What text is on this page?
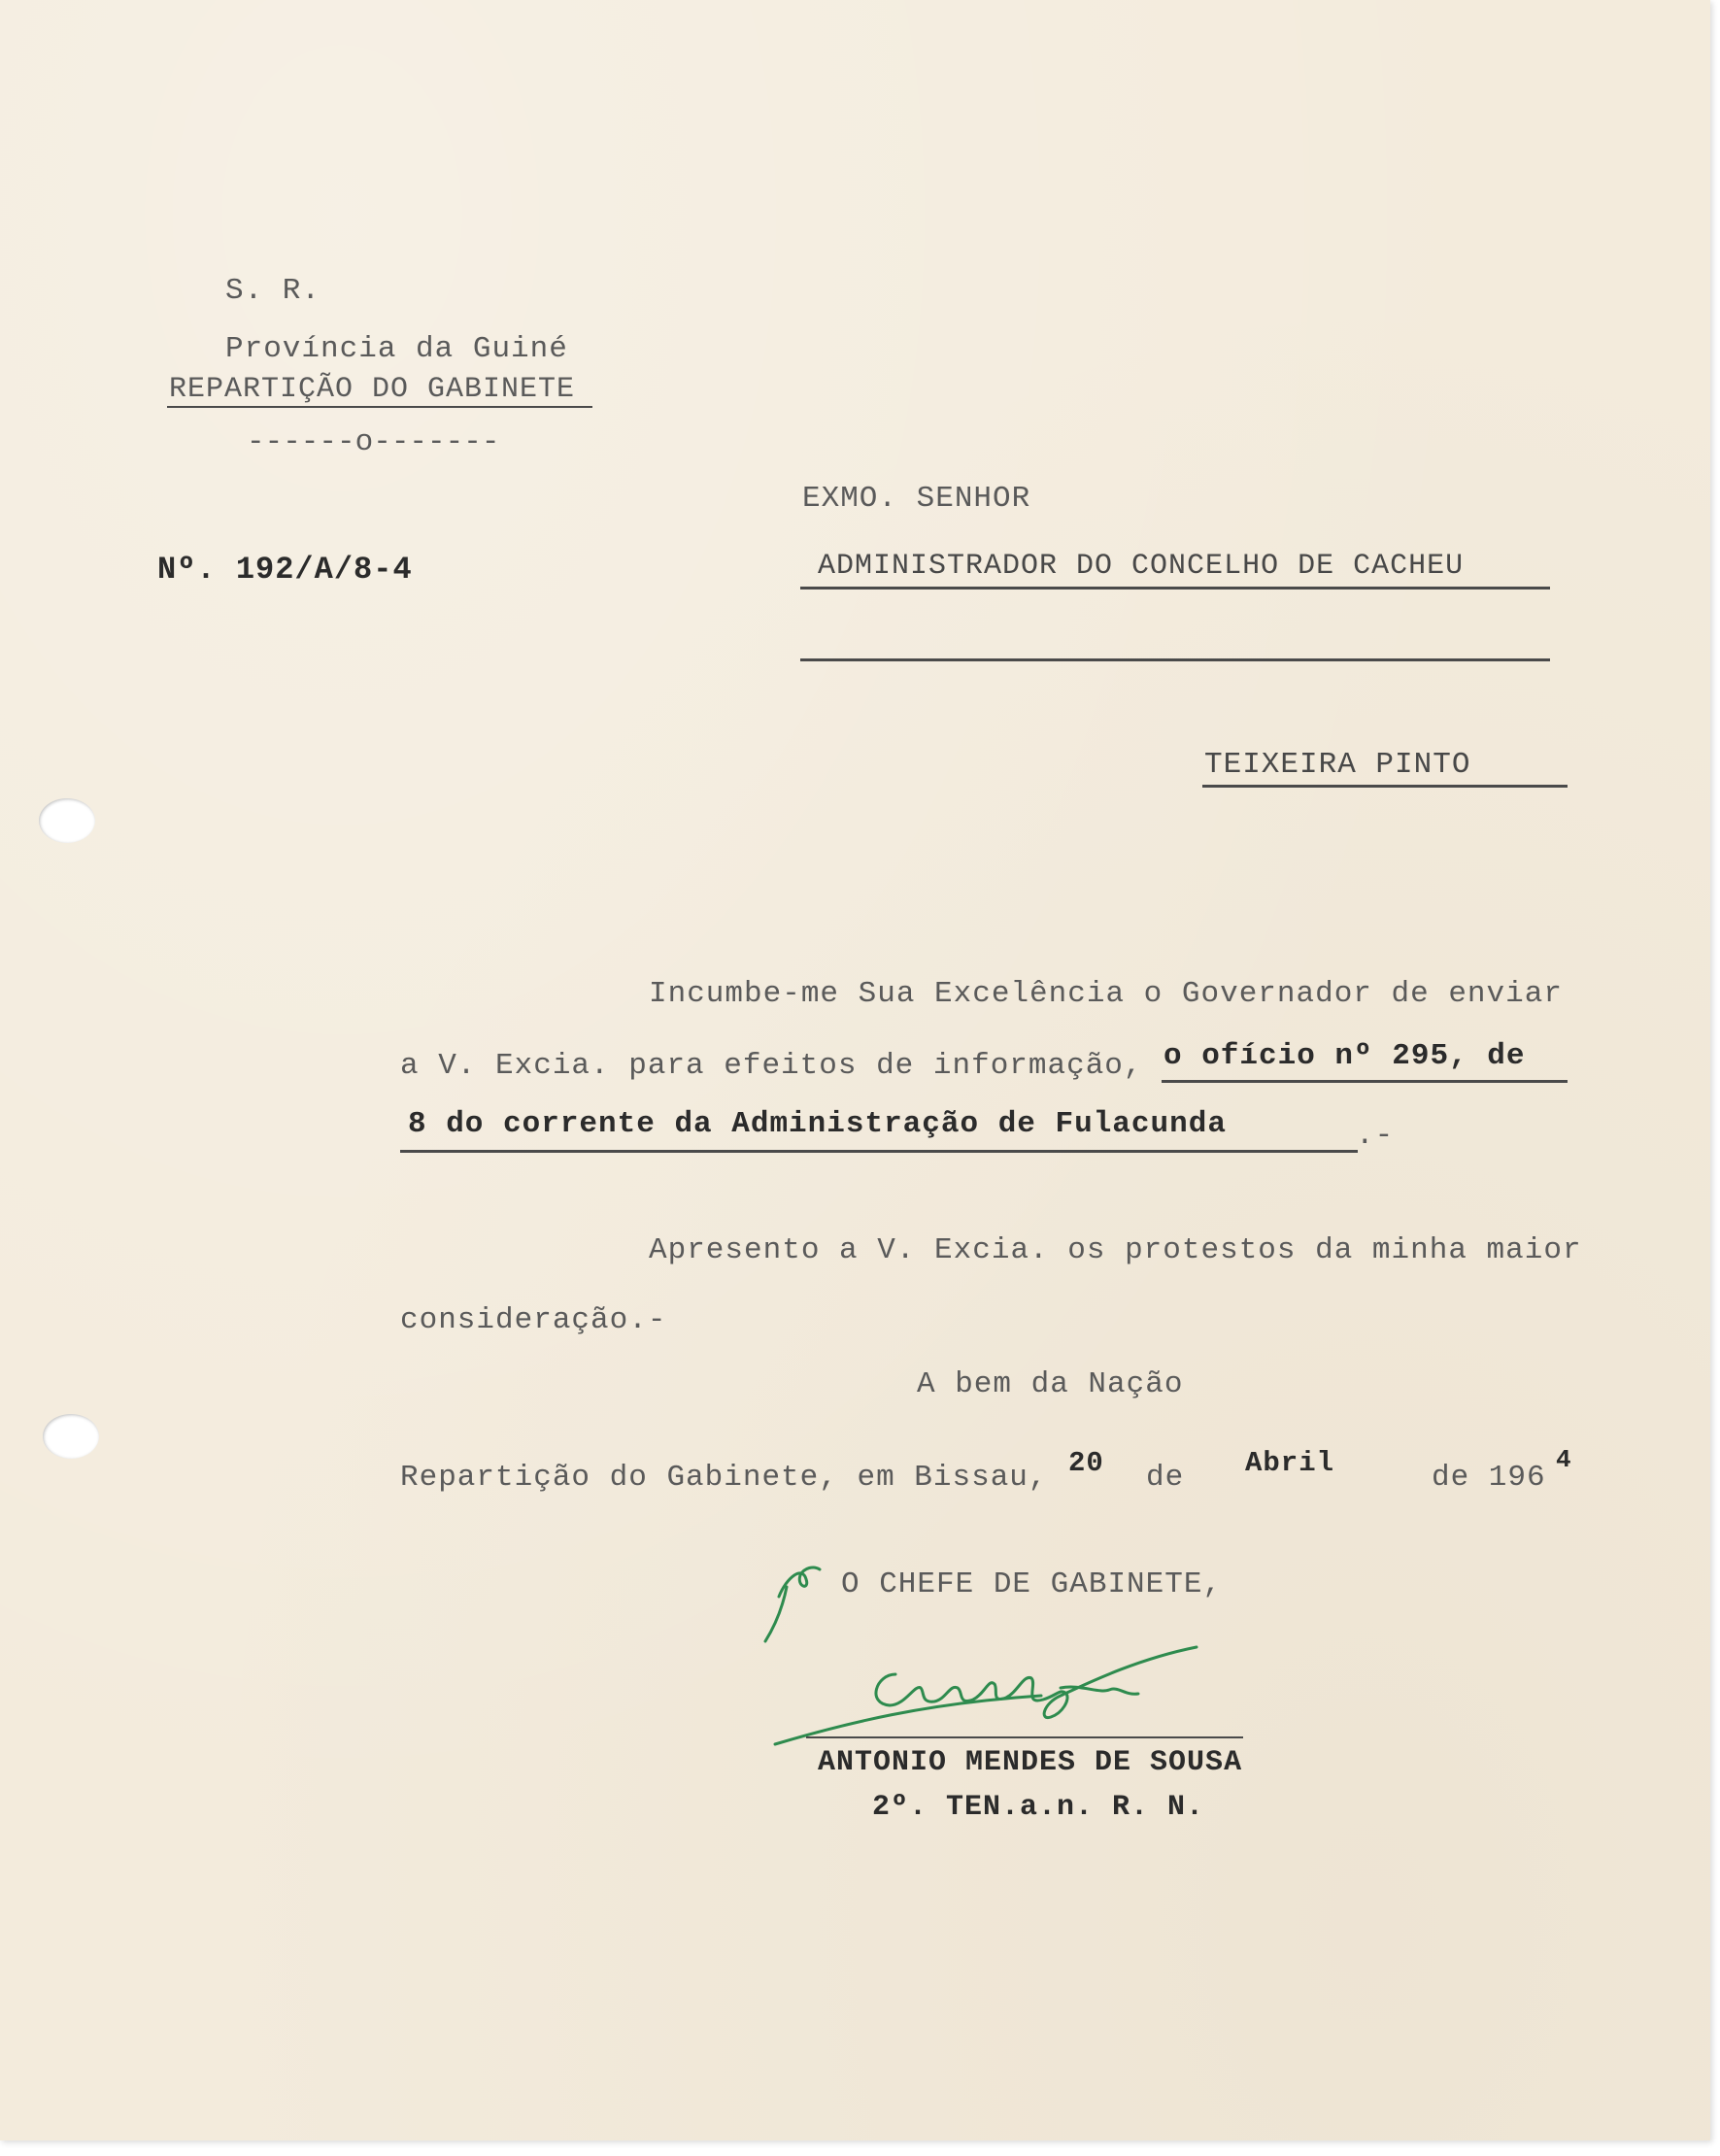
S. R.
Província da Guiné
REPARTIÇÃO DO GABINETE
------o-------
Nº. 192/A/8-4
EXMO. SENHOR
ADMINISTRADOR DO CONCELHO DE CACHEU
TEIXEIRA PINTO
Incumbe-me Sua Excelência o Governador de enviar
a V. Excia. para efeitos de informação, o ofício nº 295, de
8 do corrente da Administração de Fulacunda	.-
Apresento a V. Excia. os protestos da minha maior
consideração.-
A bem da Nação
Repartição do Gabinete, em Bissau, 20 de Abril	de 196
4
O CHEFE DE GABINETE,
ANTONIO MENDES DE SOUSA
2º. TEN.a.n. R. N.
